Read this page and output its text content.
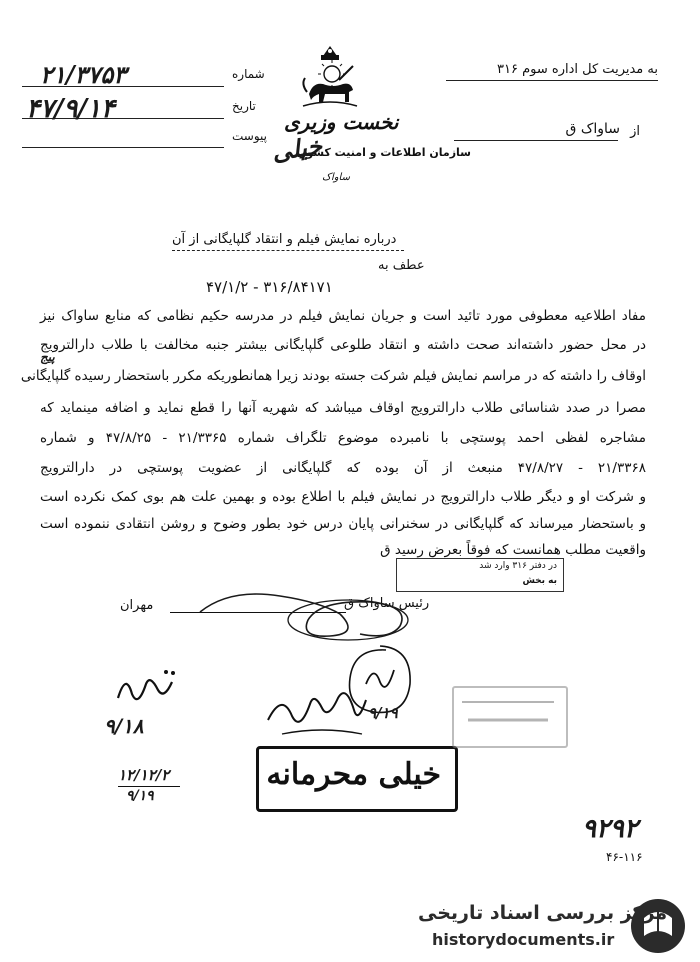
به مدیریت کل اداره سوم ۳۱۶
از
ساواک ق
شماره
۲۱/۳۷۵۳
تاریخ
۴۷/۹/۱۴
پیوست
نخست وزیری
سازمان اطلاعات و امنیت کشور
خیلی
ساواک
درباره نمایش فیلم و انتقاد گلپایگانی از آن
عطف به
۴۷/۱/۲ - ۳۱۶/۸۴۱۷۱
مفاد اطلاعیه معطوفی مورد تائید است و جریان نمایش فیلم در مدرسه حکیم نظامی که منابع ساواک نیز
در محل حضور داشته‌اند صحت داشته و انتقاد طلوعی گلپایگانی بیشتر جنبه مخالفت با طلاب دارالترویج
اوقاف را داشته که در مراسم نمایش فیلم شرکت جسته بودند زیرا همانطوریکه مکرر باستحضار رسیده گلپایگانی
مصرا در صدد شناسائی طلاب دارالترویج اوقاف میباشد که شهریه آنها را قطع نماید و اضافه مینماید که
مشاجره لفظی احمد پوستچی با نامبرده موضوع تلگراف شماره ۲۱/۳۳۶۵ - ۴۷/۸/۲۵ و شماره
۲۱/۳۳۶۸ - ۴۷/۸/۲۷ منبعث از آن بوده که گلپایگانی از عضویت پوستچی در دارالترویج
و شرکت او و دیگر طلاب دارالترویج در نمایش فیلم با اطلاع بوده و بهمین علت هم بوی کمک نکرده است
و باستحضار میرساند که گلپایگانی در سخنرانی پایان درس خود بطور وضوح و روشن انتقادی ننموده است
واقعیت مطلب همانست که فوقاً بعرض رسید ق
پیج
در دفتر ۳۱۶ وارد شد
به بخش
رئیس ساواک ق
مهران
۹/۱۸
۱۲/۱۲/۲
۹/۱۹
۹/۱۹
خیلی محرمانه
۹۲۹۲
۴۶-۱۱۶
مرکز بررسی اسناد تاریخی
historydocuments.ir
